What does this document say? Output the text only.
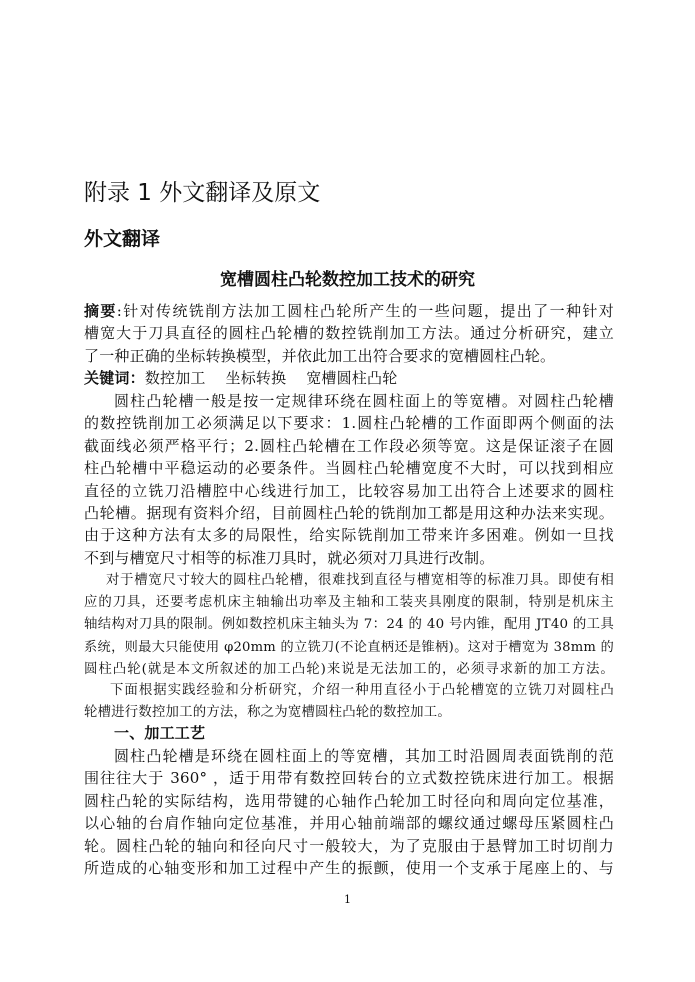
附录 1 外文翻译及原文
外文翻译
宽槽圆柱凸轮数控加工技术的研究
摘要:针对传统铣削方法加工圆柱凸轮所产生的一些问题，提出了一种针对
槽宽大于刀具直径的圆柱凸轮槽的数控铣削加工方法。通过分析研究，建立
了一种正确的坐标转换模型，并依此加工出符合要求的宽槽圆柱凸轮。
关键词：数控加工 坐标转换 宽槽圆柱凸轮
圆柱凸轮槽一般是按一定规律环绕在圆柱面上的等宽槽。对圆柱凸轮槽
的数控铣削加工必须满足以下要求：1.圆柱凸轮槽的工作面即两个侧面的法
截面线必须严格平行；2.圆柱凸轮槽在工作段必须等宽。这是保证滚子在圆
柱凸轮槽中平稳运动的必要条件。当圆柱凸轮槽宽度不大时，可以找到相应
直径的立铣刀沿槽腔中心线进行加工，比较容易加工出符合上述要求的圆柱
凸轮槽。据现有资料介绍，目前圆柱凸轮的铣削加工都是用这种办法来实现。
由于这种方法有太多的局限性，给实际铣削加工带来许多困难。例如一旦找
不到与槽宽尺寸相等的标准刀具时，就必须对刀具进行改制。
对于槽宽尺寸较大的圆柱凸轮槽，很难找到直径与槽宽相等的标准刀具。即使有相
应的刀具，还要考虑机床主轴输出功率及主轴和工装夹具刚度的限制，特别是机床主
轴结构对刀具的限制。例如数控机床主轴头为 7：24 的 40 号内锥，配用 JT40 的工具
系统，则最大只能使用 φ20mm 的立铣刀(不论直柄还是锥柄)。这对于槽宽为 38mm 的
圆柱凸轮(就是本文所叙述的加工凸轮)来说是无法加工的，必须寻求新的加工方法。
下面根据实践经验和分析研究，介绍一种用直径小于凸轮槽宽的立铣刀对圆柱凸
轮槽进行数控加工的方法，称之为宽槽圆柱凸轮的数控加工。
一、加工工艺
圆柱凸轮槽是环绕在圆柱面上的等宽槽，其加工时沿圆周表面铣削的范
围往往大于 360° ，适于用带有数控回转台的立式数控铣床进行加工。根据
圆柱凸轮的实际结构，选用带键的心轴作凸轮加工时径向和周向定位基准，
以心轴的台肩作轴向定位基准，并用心轴前端部的螺纹通过螺母压紧圆柱凸
轮。圆柱凸轮的轴向和径向尺寸一般较大，为了克服由于悬臂加工时切削力
所造成的心轴变形和加工过程中产生的振颤，使用一个支承于尾座上的、与
1
